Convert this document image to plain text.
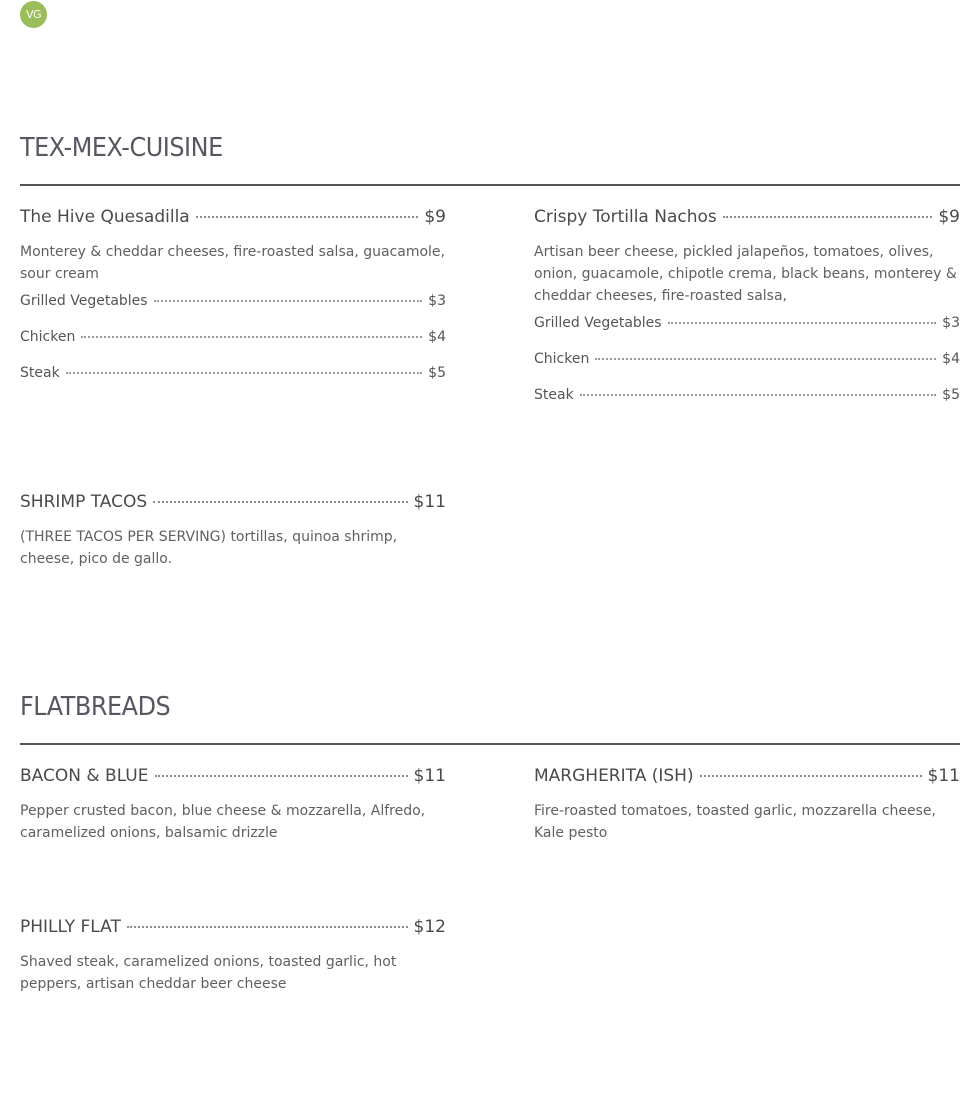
VG
TEX-MEX-CUISINE
The Hive Quesadilla	$9

Monterey & cheddar cheeses, fire-roasted salsa, guacamole, sour cream

Grilled Vegetables	$3
Chicken	$4
Steak	$5
Crispy Tortilla Nachos	$9

Artisan beer cheese, pickled jalapeños, tomatoes, olives, onion, guacamole, chipotle crema, black beans, monterey & cheddar cheeses, fire-roasted salsa,

Grilled Vegetables	$3
Chicken	$4
Steak	$5
SHRIMP TACOS	$11

(THREE TACOS PER SERVING) tortillas, quinoa shrimp, cheese, pico de gallo.

FLATBREADS
BACON & BLUE	$11

Pepper crusted bacon, blue cheese & mozzarella, Alfredo, caramelized onions, balsamic drizzle

MARGHERITA (ISH)	$11

Fire-roasted tomatoes, toasted garlic, mozzarella cheese, Kale pesto

PHILLY FLAT	$12

Shaved steak, caramelized onions, toasted garlic, hot peppers, artisan cheddar beer cheese
